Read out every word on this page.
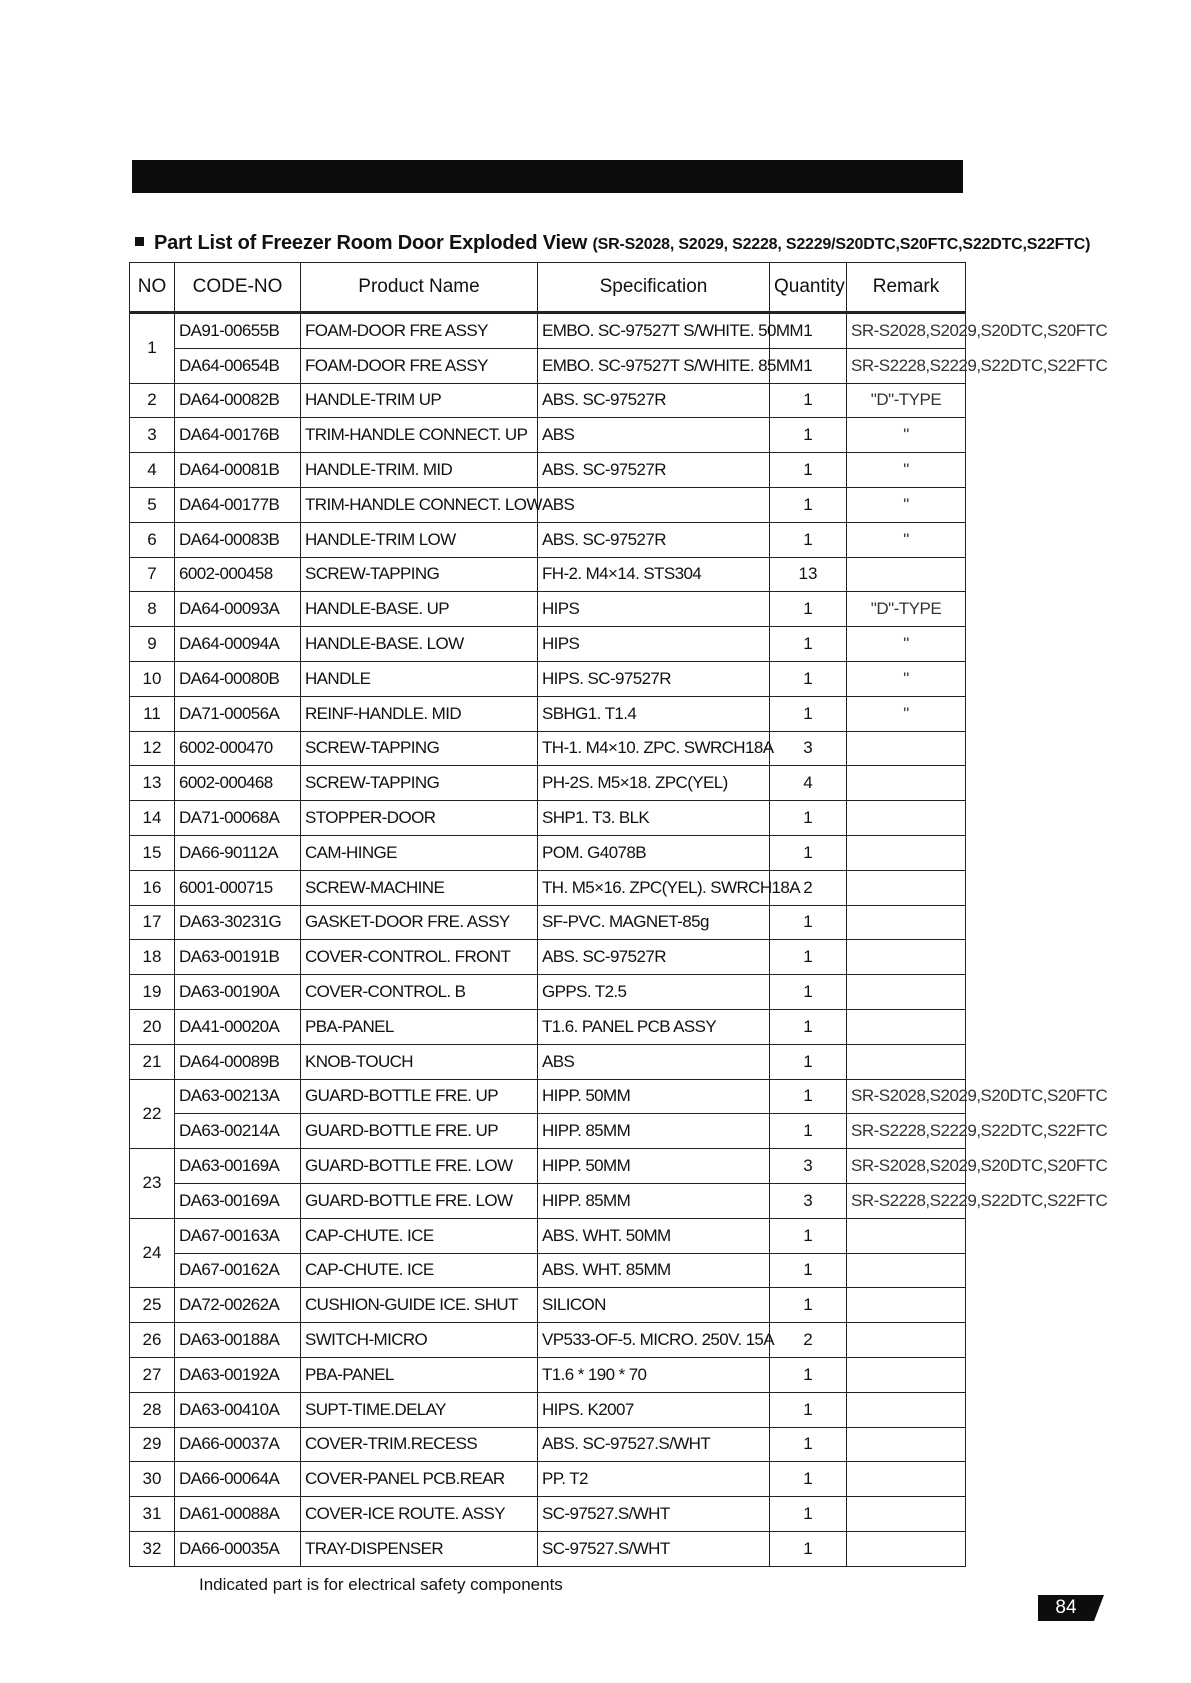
Part List of Freezer Room Door Exploded View (SR-S2028, S2029, S2228, S2229/S20DTC,S20FTC,S22DTC,S22FTC)
NO	CODE-NO	Product Name	Specification	Quantity	Remark
1	DA91-00655B	FOAM-DOOR FRE ASSY	EMBO. SC-97527T S/WHITE. 50MM	1	SR-S2028,S2029,S20DTC,S20FTC
	DA64-00654B	FOAM-DOOR FRE ASSY	EMBO. SC-97527T S/WHITE. 85MM	1	SR-S2228,S2229,S22DTC,S22FTC
2	DA64-00082B	HANDLE-TRIM UP	ABS. SC-97527R	1	"D"-TYPE
3	DA64-00176B	TRIM-HANDLE CONNECT. UP	ABS	1	"
4	DA64-00081B	HANDLE-TRIM. MID	ABS. SC-97527R	1	"
5	DA64-00177B	TRIM-HANDLE CONNECT. LOW	ABS	1	"
6	DA64-00083B	HANDLE-TRIM LOW	ABS. SC-97527R	1	"
7	6002-000458	SCREW-TAPPING	FH-2. M4×14. STS304	13	
8	DA64-00093A	HANDLE-BASE. UP	HIPS	1	"D"-TYPE
9	DA64-00094A	HANDLE-BASE. LOW	HIPS	1	"
10	DA64-00080B	HANDLE	HIPS. SC-97527R	1	"
11	DA71-00056A	REINF-HANDLE. MID	SBHG1. T1.4	1	"
12	6002-000470	SCREW-TAPPING	TH-1. M4×10. ZPC. SWRCH18A	3	
13	6002-000468	SCREW-TAPPING	PH-2S. M5×18. ZPC(YEL)	4	
14	DA71-00068A	STOPPER-DOOR	SHP1. T3. BLK	1	
15	DA66-90112A	CAM-HINGE	POM. G4078B	1	
16	6001-000715	SCREW-MACHINE	TH. M5×16. ZPC(YEL). SWRCH18A	2	
17	DA63-30231G	GASKET-DOOR FRE. ASSY	SF-PVC. MAGNET-85g	1	
18	DA63-00191B	COVER-CONTROL. FRONT	ABS. SC-97527R	1	
19	DA63-00190A	COVER-CONTROL. B	GPPS. T2.5	1	
20	DA41-00020A	PBA-PANEL	T1.6. PANEL PCB ASSY	1	
21	DA64-00089B	KNOB-TOUCH	ABS	1	
22	DA63-00213A	GUARD-BOTTLE FRE. UP	HIPP. 50MM	1	SR-S2028,S2029,S20DTC,S20FTC
	DA63-00214A	GUARD-BOTTLE FRE. UP	HIPP. 85MM	1	SR-S2228,S2229,S22DTC,S22FTC
23	DA63-00169A	GUARD-BOTTLE FRE. LOW	HIPP. 50MM	3	SR-S2028,S2029,S20DTC,S20FTC
	DA63-00169A	GUARD-BOTTLE FRE. LOW	HIPP. 85MM	3	SR-S2228,S2229,S22DTC,S22FTC
24	DA67-00163A	CAP-CHUTE. ICE	ABS. WHT. 50MM	1	
	DA67-00162A	CAP-CHUTE. ICE	ABS. WHT. 85MM	1	
25	DA72-00262A	CUSHION-GUIDE ICE. SHUT	SILICON	1	
26	DA63-00188A	SWITCH-MICRO	VP533-OF-5. MICRO. 250V. 15A	2	
27	DA63-00192A	PBA-PANEL	T1.6 * 190 * 70	1	
28	DA63-00410A	SUPT-TIME.DELAY	HIPS. K2007	1	
29	DA66-00037A	COVER-TRIM.RECESS	ABS. SC-97527.S/WHT	1	
30	DA66-00064A	COVER-PANEL PCB.REAR	PP. T2	1	
31	DA61-00088A	COVER-ICE ROUTE. ASSY	SC-97527.S/WHT	1	
32	DA66-00035A	TRAY-DISPENSER	SC-97527.S/WHT	1	
Indicated part is for electrical safety components
84
